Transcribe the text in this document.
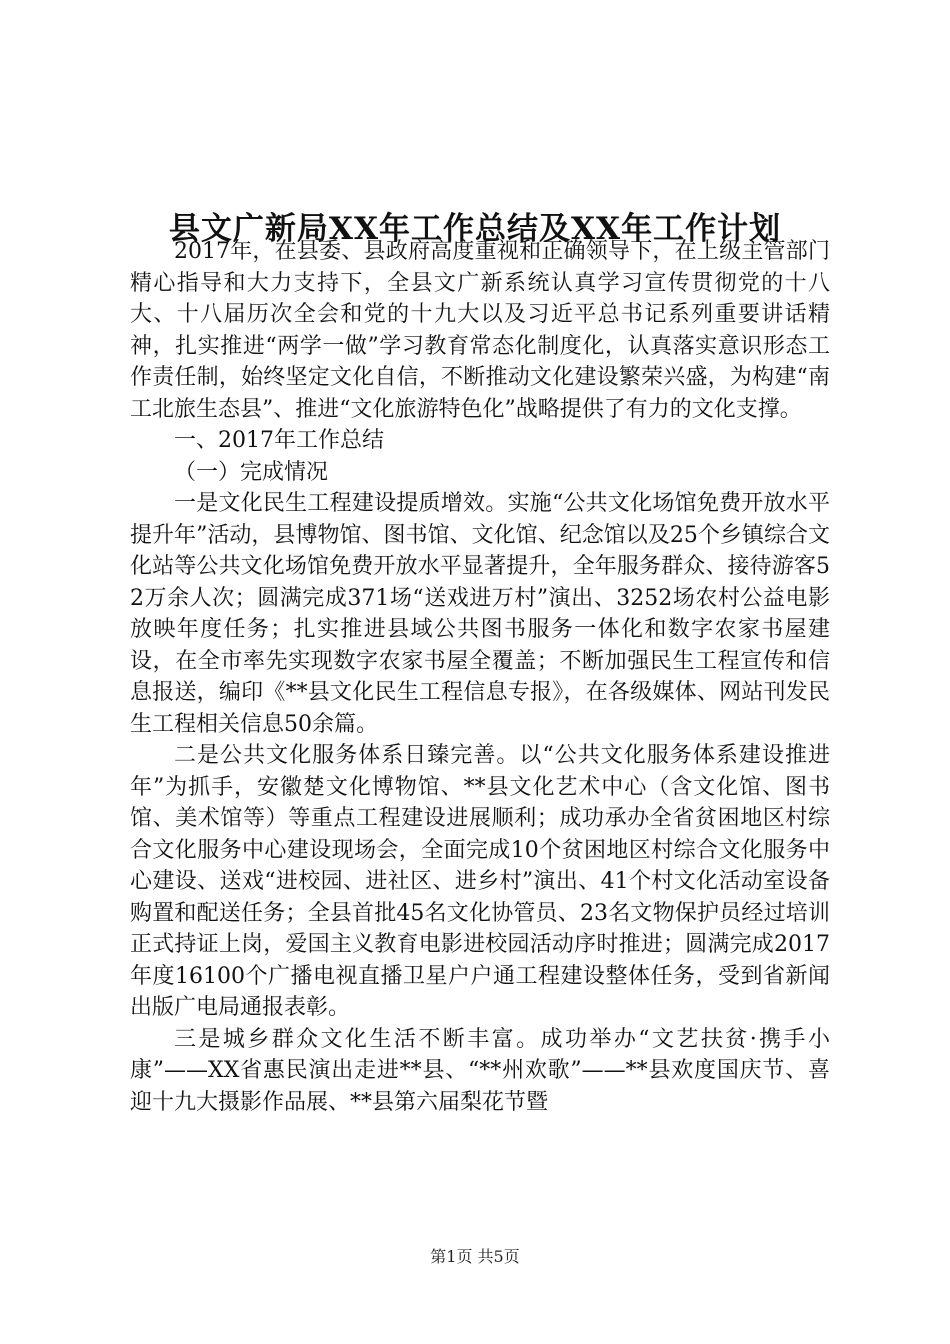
县文广新局XX年工作总结及XX年工作计划

2017年，在县委、县政府高度重视和正确领导下，在上级主管部门精心指导和大力支持下，全县文广新系统认真学习宣传贯彻党的十八大、十八届历次全会和党的十九大以及习近平总书记系列重要讲话精神，扎实推进“两学一做”学习教育常态化制度化，认真落实意识形态工作责任制，始终坚定文化自信，不断推动文化建设繁荣兴盛，为构建“南工北旅生态县”、推进“文化旅游特色化”战略提供了有力的文化支撑。

一、2017年工作总结

（一）完成情况

一是文化民生工程建设提质增效。实施“公共文化场馆免费开放水平提升年”活动，县博物馆、图书馆、文化馆、纪念馆以及25个乡镇综合文化站等公共文化场馆免费开放水平显著提升，全年服务群众、接待游客52万余人次；圆满完成371场“送戏进万村”演出、3252场农村公益电影放映年度任务；扎实推进县域公共图书服务一体化和数字农家书屋建设，在全市率先实现数字农家书屋全覆盖；不断加强民生工程宣传和信息报送，编印《**县文化民生工程信息专报》，在各级媒体、网站刊发民生工程相关信息50余篇。

二是公共文化服务体系日臻完善。以“公共文化服务体系建设推进年”为抓手，安徽楚文化博物馆、**县文化艺术中心（含文化馆、图书馆、美术馆等）等重点工程建设进展顺利；成功承办全省贫困地区村综合文化服务中心建设现场会，全面完成10个贫困地区村综合文化服务中心建设、送戏“进校园、进社区、进乡村”演出、41个村文化活动室设备购置和配送任务；全县首批45名文化协管员、23名文物保护员经过培训正式持证上岗，爱国主义教育电影进校园活动序时推进；圆满完成2017年度16100个广播电视直播卫星户户通工程建设整体任务，受到省新闻出版广电局通报表彰。

三是城乡群众文化生活不断丰富。成功举办“文艺扶贫·携手小康”——XX省惠民演出走进**县、“**州欢歌”——**县欢度国庆节、喜迎十九大摄影作品展、**县第六届梨花节暨

第1页 共5页
